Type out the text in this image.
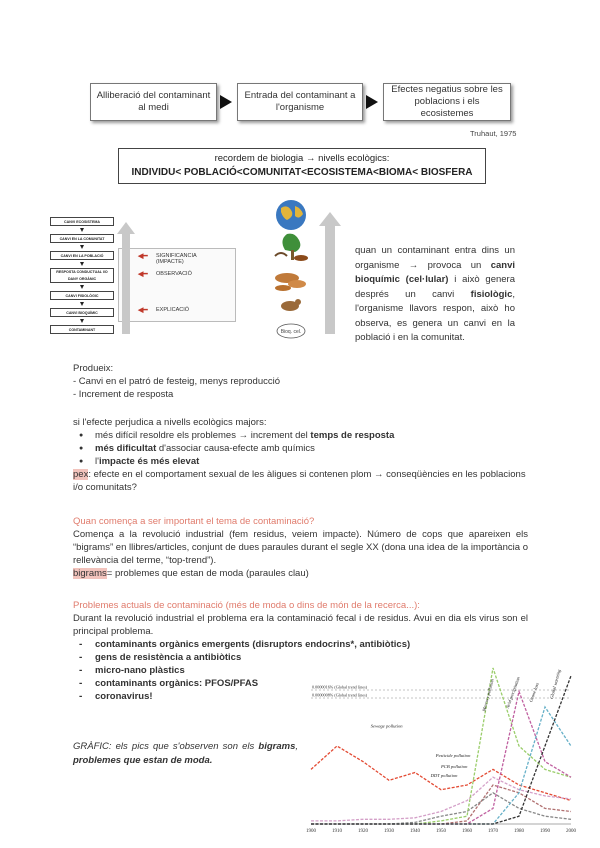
Alliberació del contaminant al medi
Entrada del contaminant a l'organisme
Efectes negatius sobre les poblacions i els ecosistemes
Truhaut, 1975
recordem de biologia → nivells ecològics:
INDIVIDU< POBLACIÓ<COMUNITAT<ECOSISTEMA<BIOMA< BIOSFERA
CANVI ECOSISTEMA
CANVI EN LA COMUNITAT
CANVI EN LA POBLACIÓ
RESPOSTA CONDUCTUAL I/O DANY ORGÀNIC
CANVI FISIOLÒGIC
CANVI BIOQUÍMIC
CONTAMINANT
◀━ SIGNIFICANCIA (IMPACTE)
◀━ OBSERVACIÓ
◀━ EXPLICACIÓ
Bioq. cel.
quan un contaminant entra dins un organisme → provoca un canvi bioquímic (cel·lular) i això genera després un canvi fisiològic, l'organisme llavors respon, això ho observa, es genera un canvi en la població i en la comunitat.
Produeix:
- Canvi en el patró de festeig, menys reproducció
- Increment de resposta
si l'efecte perjudica a nivells ecològics majors:
● més difícil resoldre els problemes → increment del temps de resposta
● més dificultat d'associar causa-efecte amb químics
● l'impacte és més elevat
pex: efecte en el comportament sexual de les àligues si contenen plom → conseqüències en les poblacions i/o comunitats?
Quan comença a ser important el tema de contaminació?
Comença a la revolució industrial (fem residus, veiem impacte). Número de cops que apareixen els “bigrams” en llibres/articles, conjunt de dues paraules durant el segle XX (dona una idea de la importància o rellevància del terme, “top-trend”).
bigrams= problemes que estan de moda (paraules clau)
Problemes actuals de contaminació (més de moda o dins de món de la recerca...):
Durant la revolució industrial el problema era la contaminació fecal i de residus. Avui en dia els virus son el principal problema.
- contaminants orgànics emergents (disruptors endocrins*, antibiòtics)
- gens de resistència a antibiòtics
- micro-nano plàstics
- contaminants orgànics: PFOS/PFAS
- coronavirus!
GRÀFIC: els pics que s'observen son els bigrams, problemes que estan de moda.
0.0000016% (Global trend lines)
0.0000008% (Global trend lines)
1900	1910	1920	1930	1940	1950	1960	1970	1980	1990	2000
Sewage pollution
Pesticide pollution
PCB pollution
DDT pollution
Mercury pollution Acid precipitation Ozone loss Global warming
